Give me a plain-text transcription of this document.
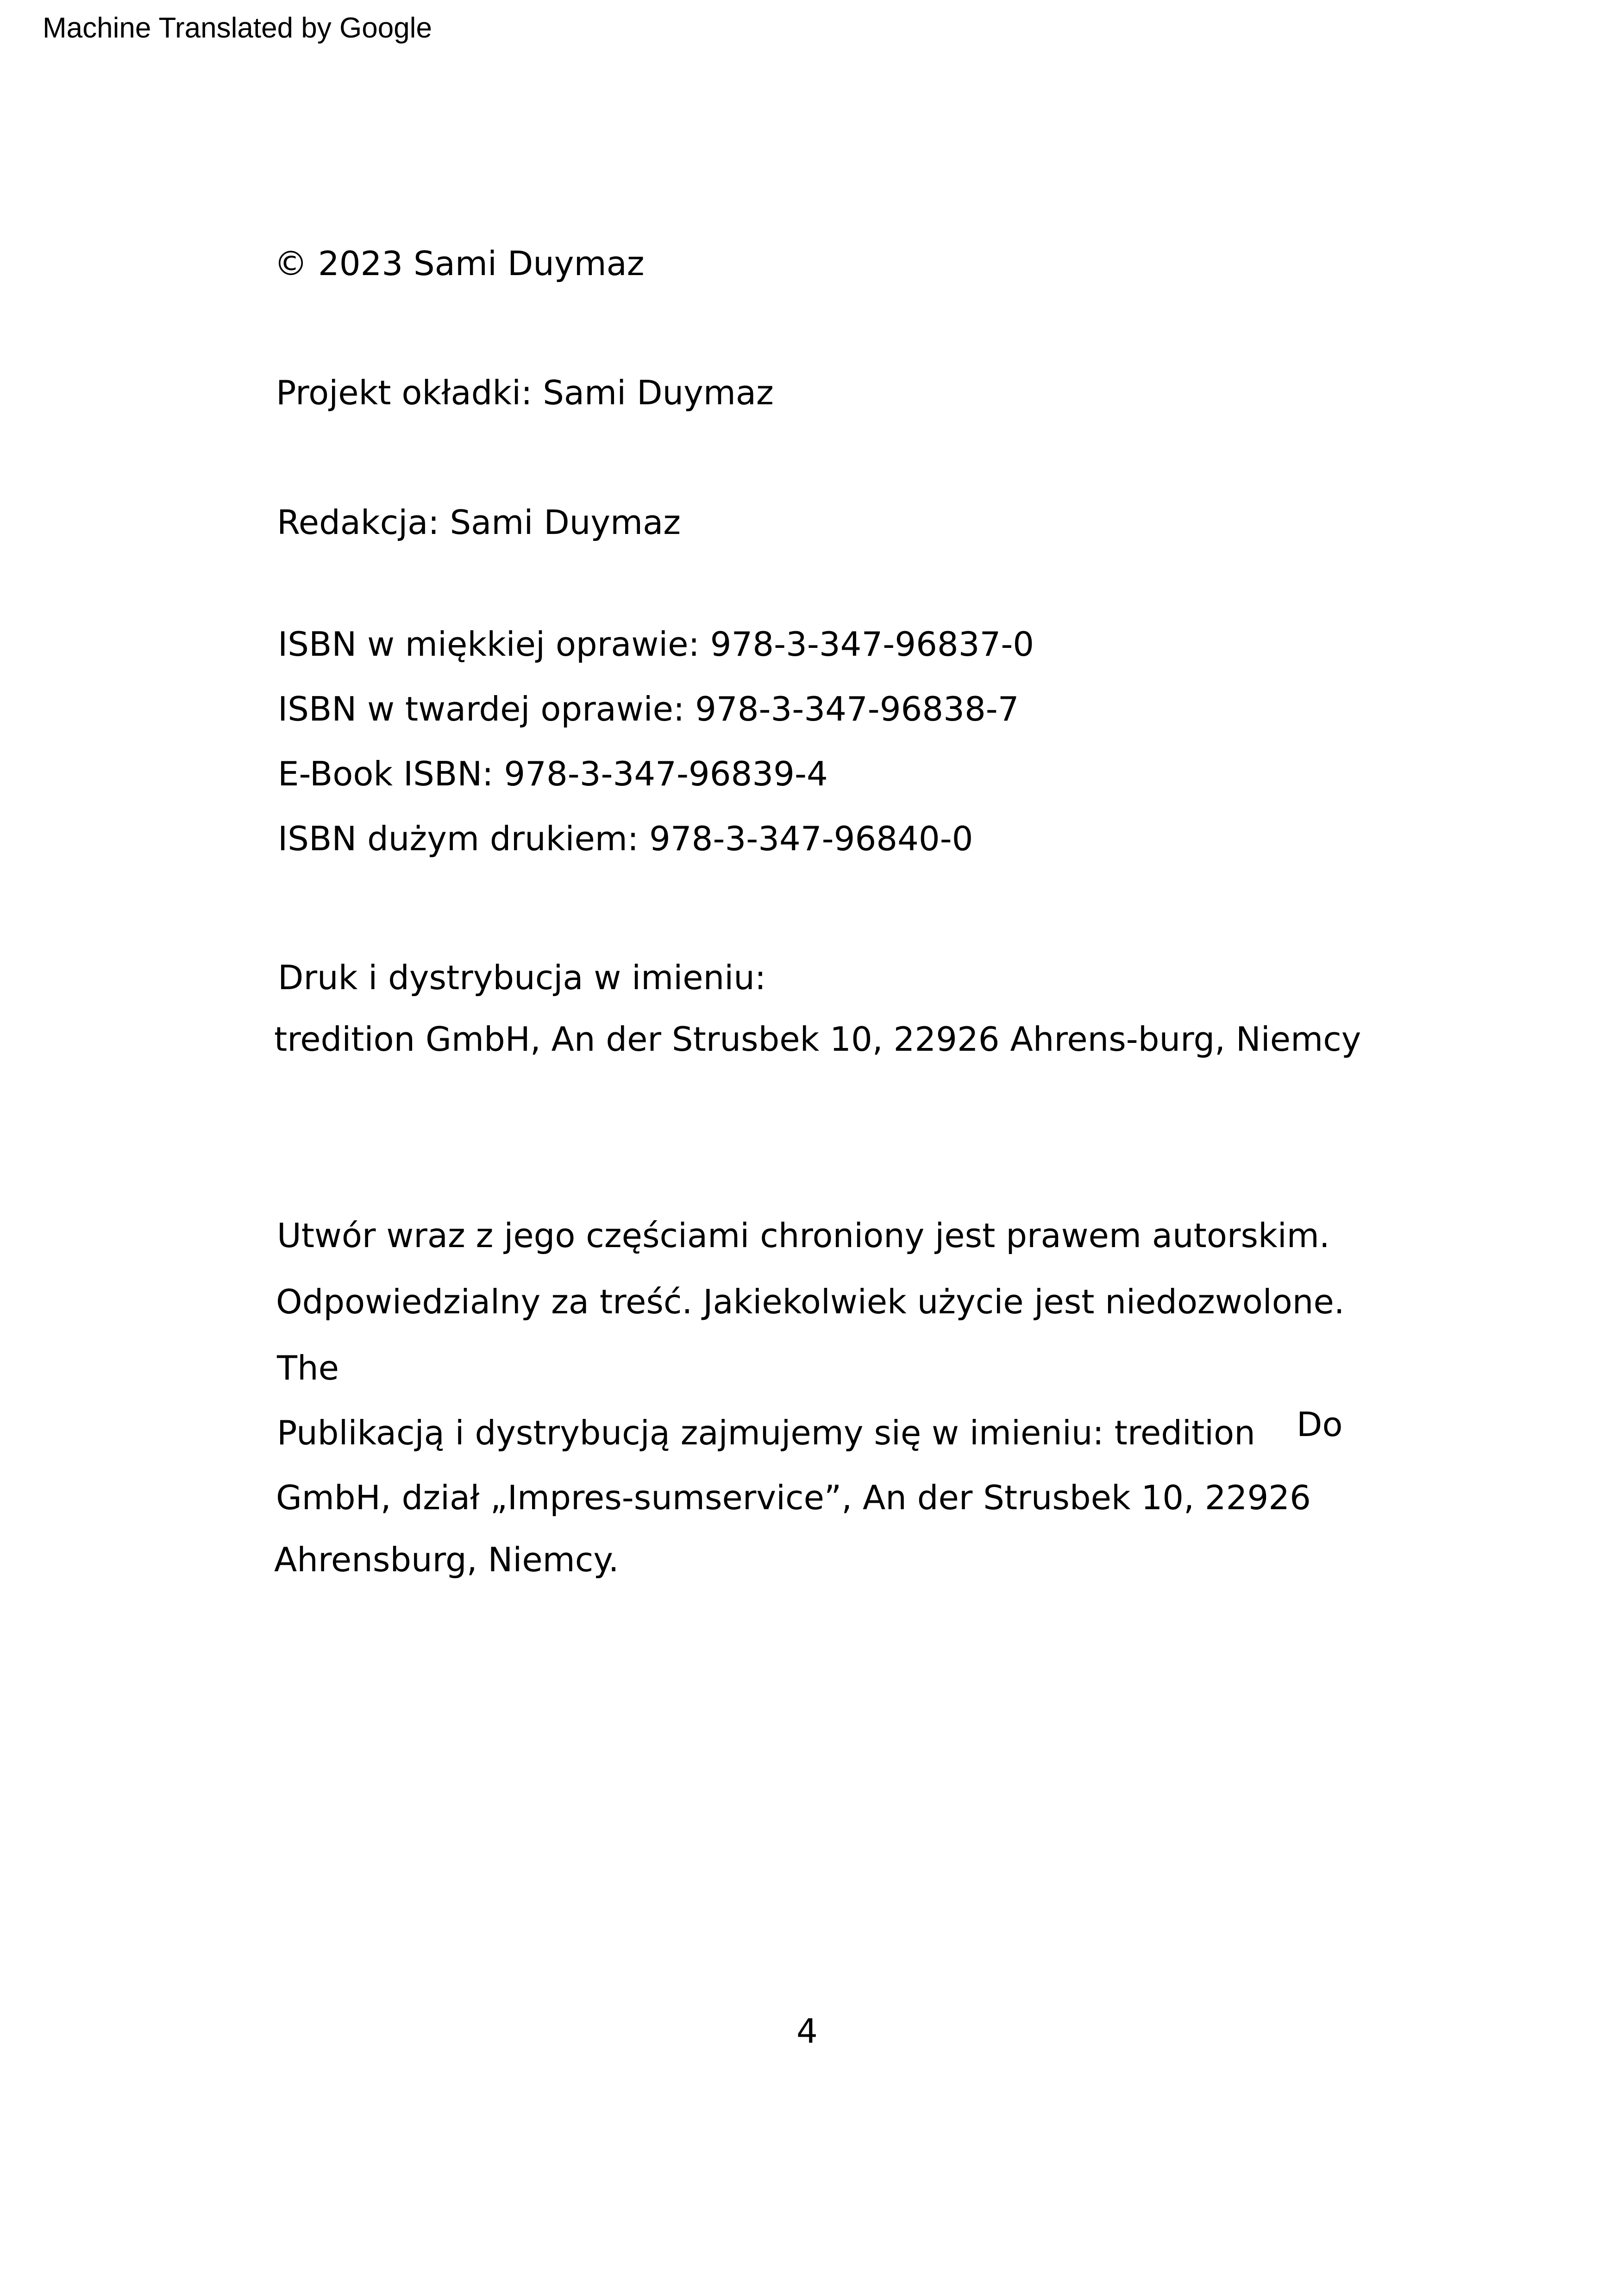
Machine Translated by Google
© 2023 Sami Duymaz
Projekt okładki: Sami Duymaz
Redakcja: Sami Duymaz
ISBN w miękkiej oprawie: 978-3-347-96837-0
ISBN w twardej oprawie: 978-3-347-96838-7
E-Book ISBN: 978-3-347-96839-4
ISBN dużym drukiem: 978-3-347-96840-0
Druk i dystrybucja w imieniu:
tredition GmbH, An der Strusbek 10, 22926 Ahrens-burg, Niemcy
Utwór wraz z jego częściami chroniony jest prawem autorskim.
Odpowiedzialny za treść. Jakiekolwiek użycie jest niedozwolone.
The
Publikacją i dystrybucją zajmujemy się w imieniu: tredition Do
GmbH, dział „Impres-sumservice”, An der Strusbek 10, 22926
Ahrensburg, Niemcy.
4
